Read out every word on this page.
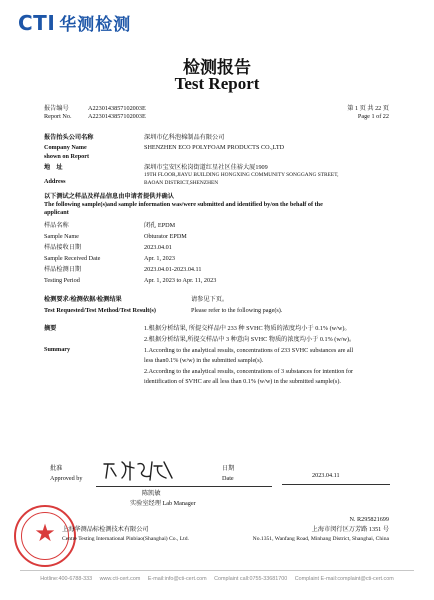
CTI 华测检测
检测报告
Test Report
报告编号	A2230143857102003E	第 1 页 共 22 页
Report No.	A2230143857102003E	Page 1 of 22
报告抬头公司名称	深圳市亿科泡棉制品有限公司
Company Name	SHENZHEN ECO POLYFOAM PRODUCTS CO.,LTD
shown on Report
地　址	深圳市宝安区松岗街道红星社区佳裕大厦1909
19TH FLOOR,JIAYU BUILDING HONGXING COMMUNITY SONGGANG STREET,
Address	BAOAN DISTRICT,SHENZHEN
以下测试之样品及样品信息由申请者提供并确认
The following sample(s)and sample information was/were submitted and identified by/on the behalf of the
applicant
样品名称	闭孔 EPDM
Sample Name	Obturator EPDM
样品接收日期	2023.04.01
Sample Received Date	Apr. 1, 2023
样品检测日期	2023.04.01-2023.04.11
Testing Period	Apr. 1, 2023 to Apr. 11, 2023
检测要求/检测依据/检测结果	请参见下页。
Test Requested/Test Method/Test Result(s)	Please refer to the following page(s).
摘要
Summary
1.根据分析结果, 所提交样品中 233 种 SVHC 物质的浓度均小于 0.1% (w/w)。
2.根据分析结果,所提交样品中 3 种意向 SVHC 物质的浓度均小于 0.1% (w/w)。
1.According to the analytical results, concentrations of 233 SVHC substances are all
less than0.1% (w/w) in the submitted sample(s).
2.According to the analytical results, concentrations of 3 substances for intention for
identification of SVHC are all less than 0.1% (w/w) in the submitted sample(s).
批准
Approved by
陈凯敏
实验室经理 Lab Manager
日期
Date	2023.04.11
★	上海华测品标检测技术有限公司
Centre Testing International Pinbiao(Shanghai) Co., Ltd.
N. R295821699
上海市闵行区万芳路 1351 号
No.1351, Wanfang Road, Minhang District, Shanghai, China
Hotline:400-6788-333 www.cti-cert.com E-mail:info@cti-cert.com Complaint call:0755-33681700 Complaint E-mail:complaint@cti-cert.com
